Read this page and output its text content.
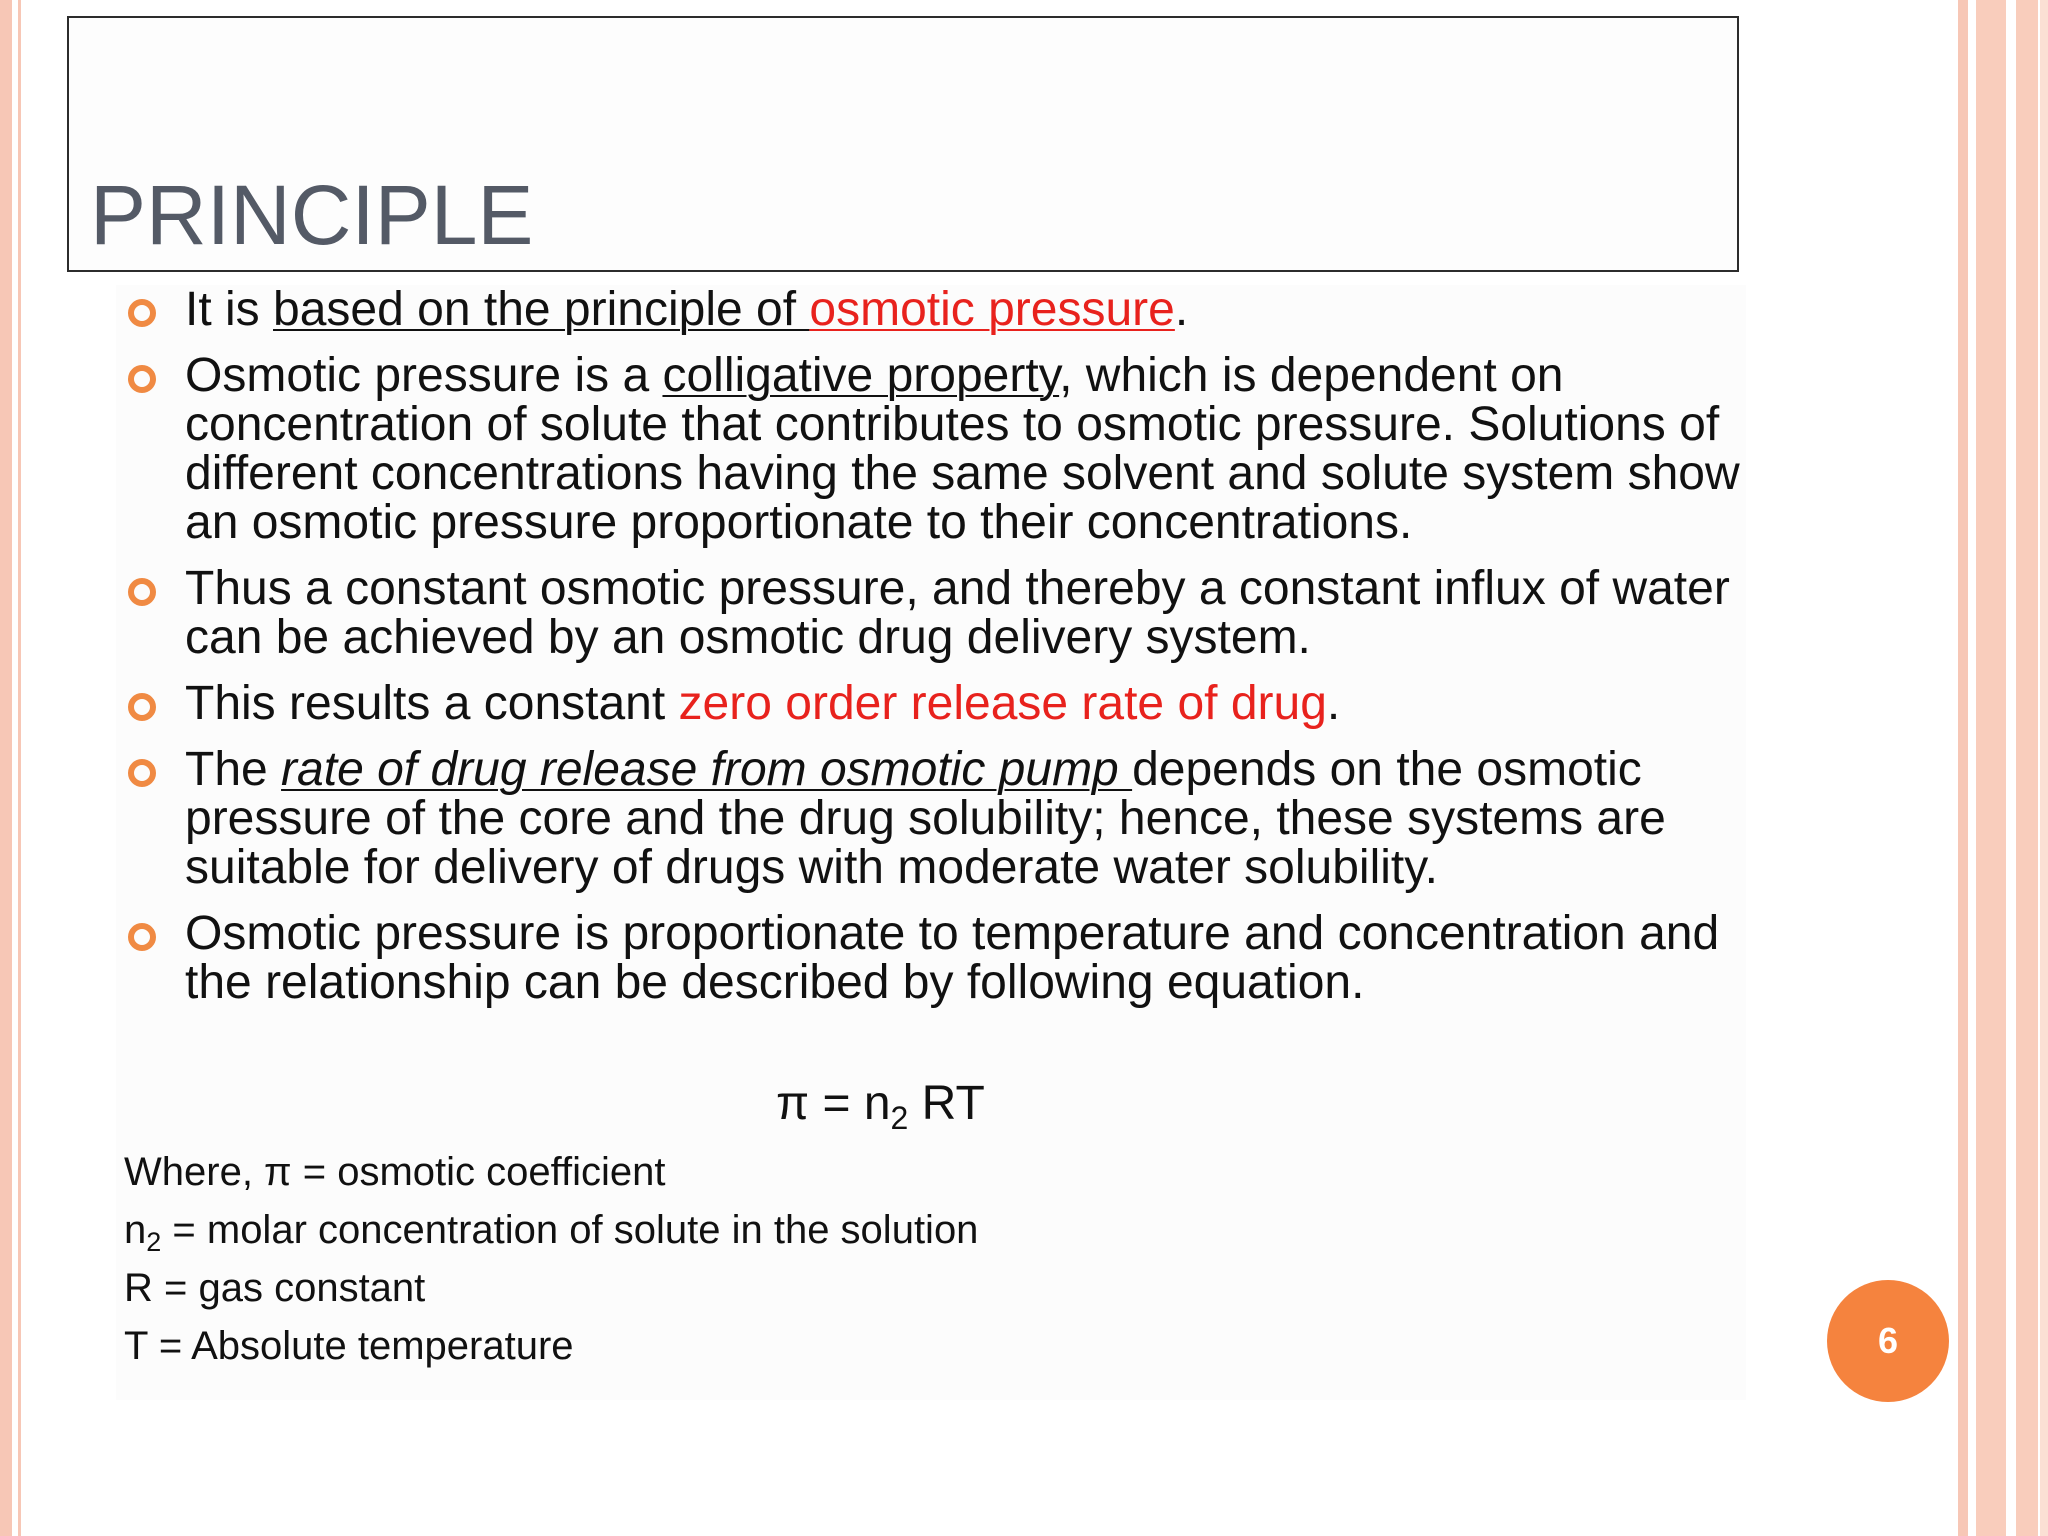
PRINCIPLE
It is based on the principle of osmotic pressure.
Osmotic pressure is a colligative property, which is dependent on concentration of solute that contributes to osmotic pressure. Solutions of different concentrations having the same solvent and solute system show an osmotic pressure proportionate to their concentrations.
Thus a constant osmotic pressure, and thereby a constant influx of water can be achieved by an osmotic drug delivery system.
This results a constant zero order release rate of drug.
The rate of drug release from osmotic pump depends on the osmotic pressure of the core and the drug solubility; hence, these systems are suitable for delivery of drugs with moderate water solubility.
Osmotic pressure is proportionate to temperature and concentration and the relationship can be described by following equation.
$\pi = n_2$ RT
Where, π = osmotic coefficient
$n_2$ = molar concentration of solute in the solution
R = gas constant
T = Absolute temperature	6
